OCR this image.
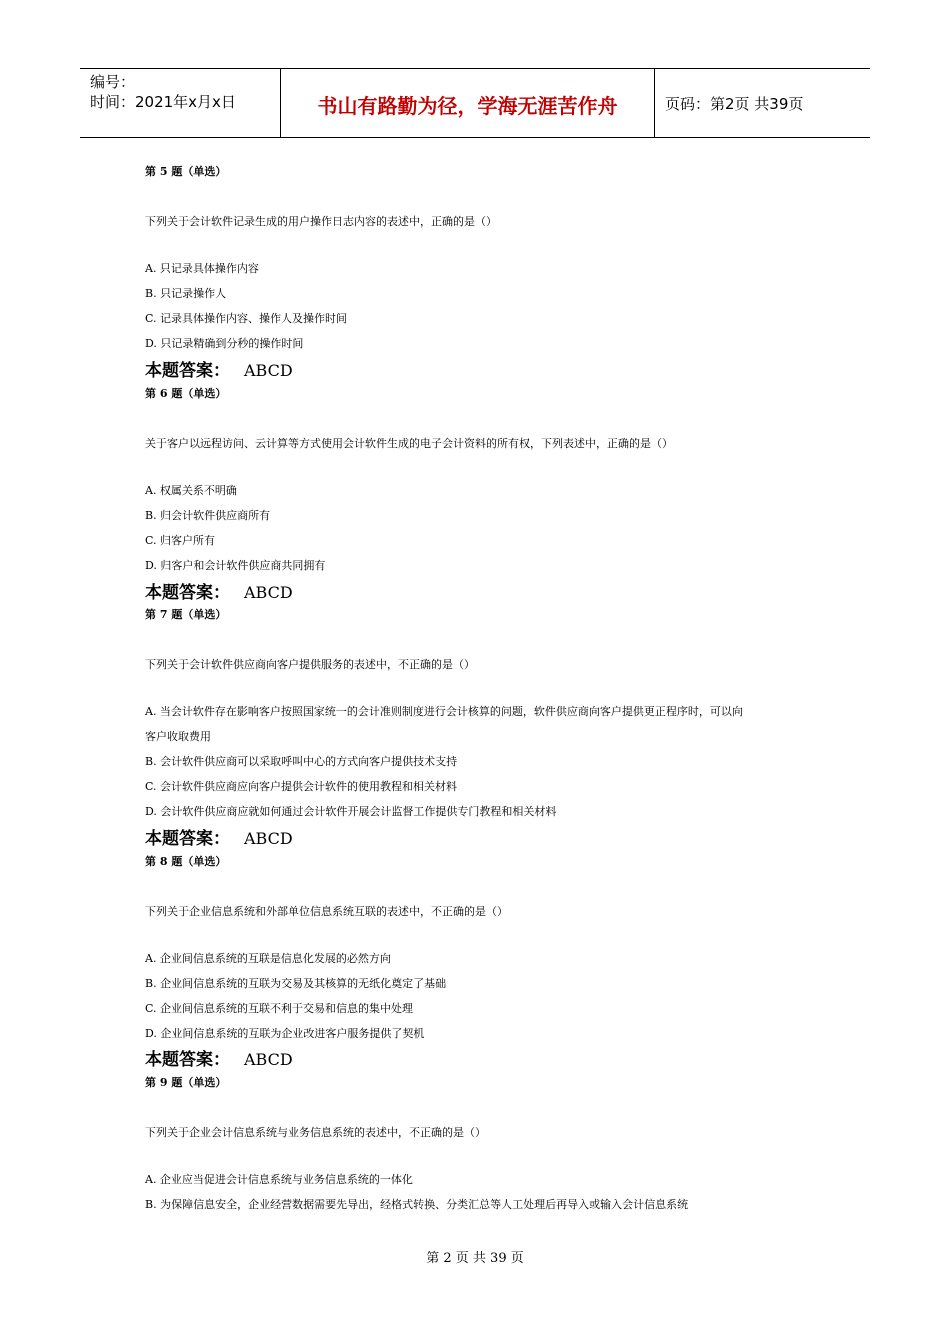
编号：
时间：2021年x月x日	书山有路勤为径，学海无涯苦作舟	页码：第2页 共39页
第 5 题（单选）
下列关于会计软件记录生成的用户操作日志内容的表述中，正确的是（）
A. 只记录具体操作内容
B. 只记录操作人
C. 记录具体操作内容、操作人及操作时间
D. 只记录精确到分秒的操作时间
本题答案： ABCD
第 6 题（单选）
关于客户以远程访问、云计算等方式使用会计软件生成的电子会计资料的所有权，下列表述中，正确的是（）
A. 权属关系不明确
B. 归会计软件供应商所有
C. 归客户所有
D. 归客户和会计软件供应商共同拥有
本题答案： ABCD
第 7 题（单选）
下列关于会计软件供应商向客户提供服务的表述中，不正确的是（）
A. 当会计软件存在影响客户按照国家统一的会计准则制度进行会计核算的问题，软件供应商向客户提供更正程序时，可以向
客户收取费用
B. 会计软件供应商可以采取呼叫中心的方式向客户提供技术支持
C. 会计软件供应商应向客户提供会计软件的使用教程和相关材料
D. 会计软件供应商应就如何通过会计软件开展会计监督工作提供专门教程和相关材料
本题答案： ABCD
第 8 题（单选）
下列关于企业信息系统和外部单位信息系统互联的表述中，不正确的是（）
A. 企业间信息系统的互联是信息化发展的必然方向
B. 企业间信息系统的互联为交易及其核算的无纸化奠定了基础
C. 企业间信息系统的互联不利于交易和信息的集中处理
D. 企业间信息系统的互联为企业改进客户服务提供了契机
本题答案： ABCD
第 9 题（单选）
下列关于企业会计信息系统与业务信息系统的表述中，不正确的是（）
A. 企业应当促进会计信息系统与业务信息系统的一体化
B. 为保障信息安全，企业经营数据需要先导出，经格式转换、分类汇总等人工处理后再导入或输入会计信息系统
第 2 页 共 39 页
